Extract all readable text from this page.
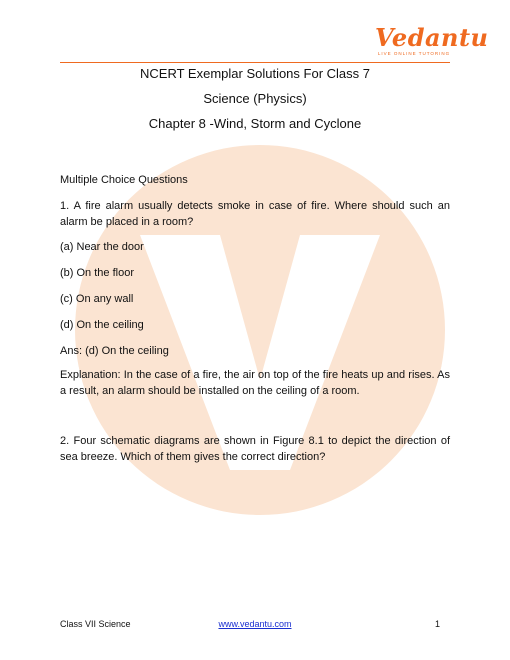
Vedantu
LIVE ONLINE TUTORING
NCERT Exemplar Solutions For Class 7
Science (Physics)
Chapter 8 -Wind, Storm and Cyclone

Multiple Choice Questions

1. A fire alarm usually detects smoke in case of fire. Where should such an alarm be placed in a room?

(a) Near the door

(b) On the floor

(c) On any wall

(d) On the ceiling

Ans: (d) On the ceiling

Explanation: In the case of a fire, the air on top of the fire heats up and rises. As a result, an alarm should be installed on the ceiling of a room.

2. Four schematic diagrams are shown in Figure 8.1 to depict the direction of sea breeze. Which of them gives the correct direction?

Class VII Science	www.vedantu.com	1
